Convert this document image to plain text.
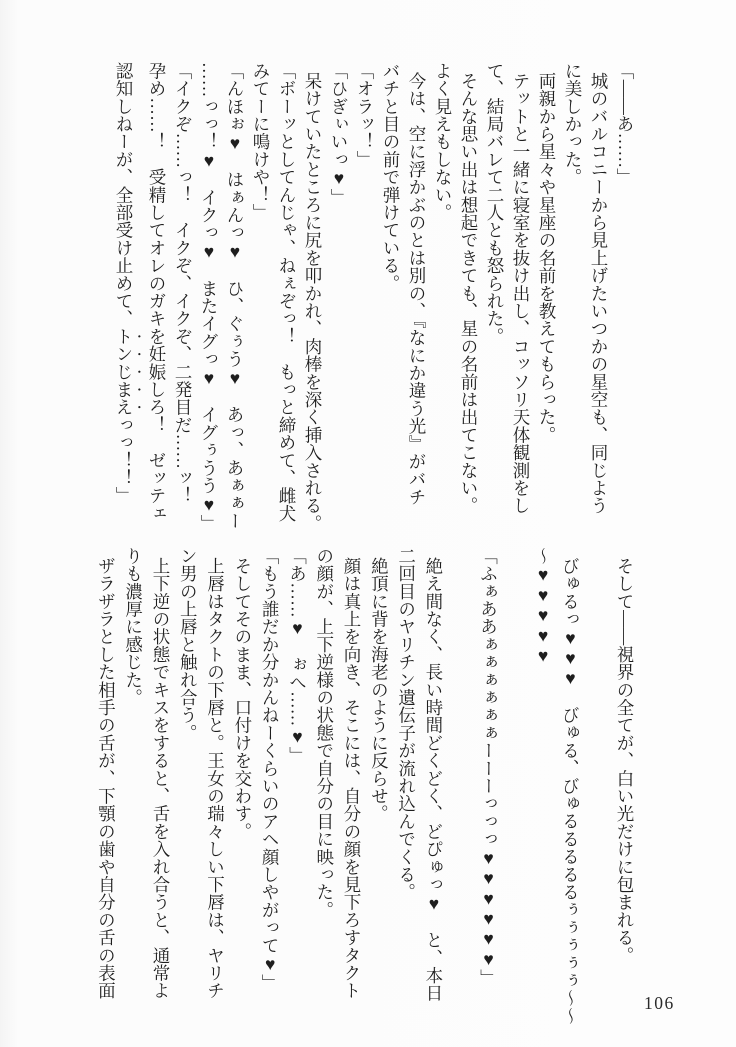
「――あ……」

城のバルコニーから見上げたいつかの星空も、同じよう

に美しかった。

両親から星々や星座の名前を教えてもらった。

テットと一緒に寝室を抜け出し、コッソリ天体観測をし

て、結局バレて二人とも怒られた。

そんな思い出は想起できても、星の名前は出てこない。

よく見えもしない。

今は、空に浮かぶのとは別の、『なにか違う光』がバチ

バチと目の前で弾けている。

「オラッ！」

「ひぎぃいっ♥」

呆けていたところに尻を叩かれ、肉棒を深く挿入される。

「ボーッとしてんじゃ、ねぇぞっ！　もっと締めて、雌犬

みてーに鳴けや！」

「んほぉ♥　はぁんっ♥　ひ、ぐぅう♥　あっ、あぁぁー

……っっ！♥　イクっ♥　またイグっ♥　イグぅうう♥」

「イクぞ……っ！　イクぞ、イクぞ、二発目だ……ッ！

孕め……！　受精してオレのガキを妊娠しろ！　ゼッテェ

認知しねーが、全部受け止めて、トンじまえっっ！！」

そして――視界の全てが、白い光だけに包まれる。

びゅるっ♥♥♥　びゅる、びゅるるるるるぅぅぅぅぅ～～

～♥♥♥♥♥

「ふぁああぁぁぁぁぁぁーーーっっっ♥♥♥♥♥♥」

絶え間なく、長い時間どくどく、どぴゅっ♥　と、本日

二回目のヤリチン遺伝子が流れ込んでくる。

絶頂に背を海老のように反らせ。

顔は真上を向き、そこには、自分の顔を見下ろすタクト

の顔が、上下逆様の状態で自分の目に映った。

「あ……♥　ぉへ……♥」

「もう誰だか分かんねーくらいのアヘ顔しやがって♥」

そしてそのまま、口付けを交わす。

上唇はタクトの下唇と。王女の瑞々しい下唇は、ヤリチ

ン男の上唇と触れ合う。

上下逆の状態でキスをすると、舌を入れ合うと、通常よ

りも濃厚に感じた。

ザラザラとした相手の舌が、下顎の歯や自分の舌の表面

106
